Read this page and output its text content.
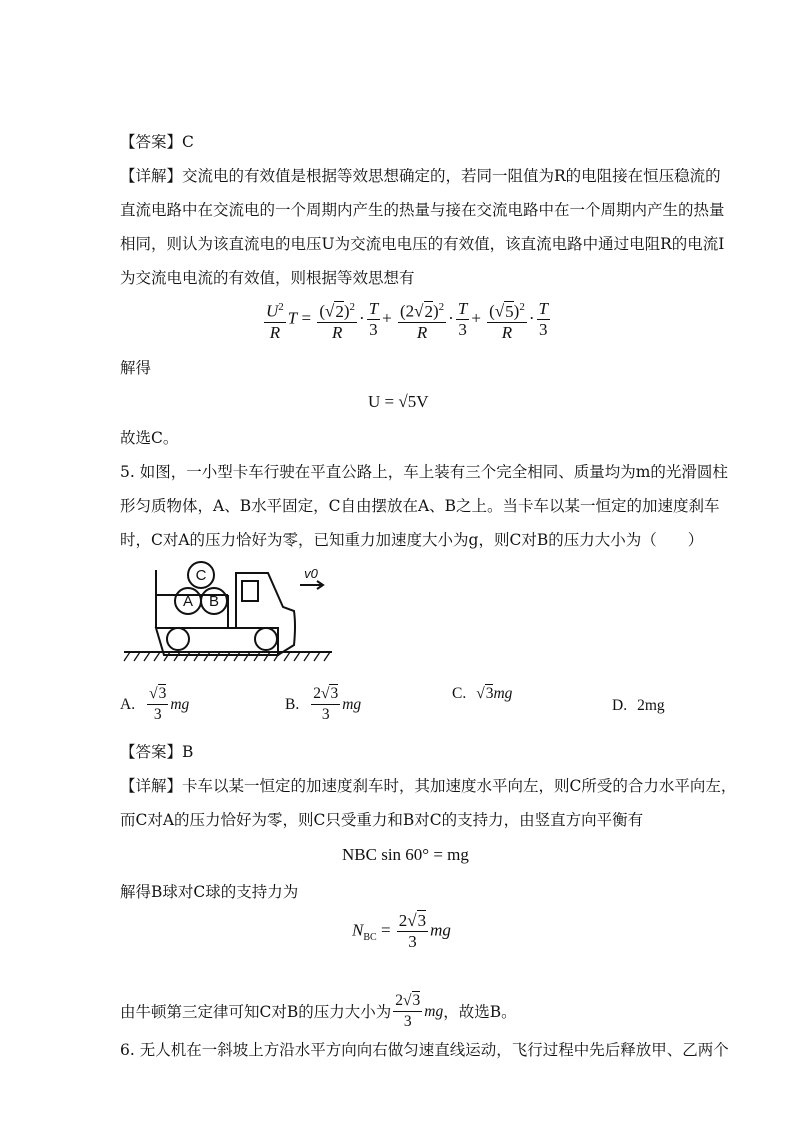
【答案】C
【详解】交流电的有效值是根据等效思想确定的，若同一阻值为R的电阻接在恒压稳流的
直流电路中在交流电的一个周期内产生的热量与接在交流电路中在一个周期内产生的热量
相同，则认为该直流电的电压U为交流电电压的有效值，该直流电路中通过电阻R的电流I
为交流电电流的有效值，则根据等效思想有
$\frac{U^2}{R}$ $T = \frac{(√2)^2}{R} \cdot \frac{T}{3} + \frac{(2√2)^2}{R} \cdot \frac{T}{3} + \frac{(√5)^2}{R} \cdot \frac{T}{3}$
解得
U = √5V
故选C。
5. 如图，一小型卡车行驶在平直公路上，车上装有三个完全相同、质量均为m的光滑圆柱
形匀质物体，A、B水平固定，C自由摆放在A、B之上。当卡车以某一恒定的加速度刹车
时，C对A的压力恰好为零，已知重力加速度大小为g，则C对B的压力大小为（　　）
C
A B
v0
A. $\frac{√3}{3}$ mg	B. $\frac{2√3}{3}$ mg
C. √3mg
D. 2mg
【答案】B
【详解】卡车以某一恒定的加速度刹车时，其加速度水平向左，则C所受的合力水平向左，
而C对A的压力恰好为零，则C只受重力和B对C的支持力，由竖直方向平衡有
NBC sin 60° = mg
解得B球对C球的支持力为
$N_{BC} = \frac{2√3}{3}$ mg
由牛顿第三定律可知C对B的压力大小为 $\frac{2√3}{3}$ mg ，故选B。
6. 无人机在一斜坡上方沿水平方向向右做匀速直线运动，飞行过程中先后释放甲、乙两个
